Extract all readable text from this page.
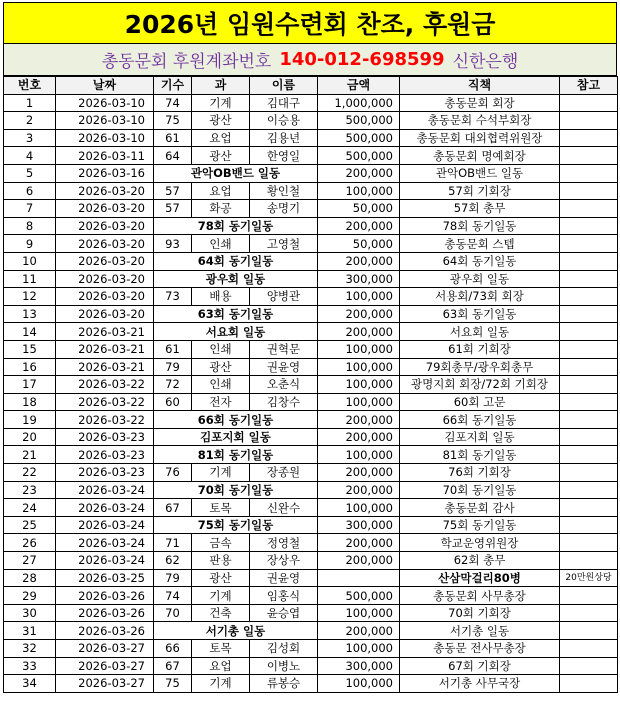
2026년 임원수련회 찬조, 후원금
총동문회 후원계좌번호 140-012-698599 신한은행
번호	날짜	기수	과	이름	금액	직책	참고
1	2026-03-10	74	기계	김대구	1,000,000	총동문회 회장	
2	2026-03-10	75	광산	이승용	500,000	총동문회 수석부회장	
3	2026-03-10	61	요업	김용년	500,000	총동문회 대외협력위원장	
4	2026-03-11	64	광산	한영일	500,000	총동문회 명예회장	
5	2026-03-16	관악OB밴드 일동			200,000	관악OB밴드 일동	
6	2026-03-20	57	요업	황인철	100,000	57회 기회장	
7	2026-03-20	57	화공	송명기	50,000	57회 총무	
8	2026-03-20	78회 동기일동			200,000	78회 동기일동	
9	2026-03-20	93	인쇄	고영철	50,000	총동문회 스텝	
10	2026-03-20	64회 동기일동			200,000	64회 동기일동	
11	2026-03-20	광우회 일동			300,000	광우회 일동	
12	2026-03-20	73	배용	양병관	100,000	서용회/73회 회장	
13	2026-03-20	63회 동기일동			200,000	63회 동기일동	
14	2026-03-21	서요회 일동			200,000	서요회 일동	
15	2026-03-21	61	인쇄	권혁문	100,000	61회 기회장	
16	2026-03-21	79	광산	권윤영	100,000	79회총무/광우회총무	
17	2026-03-22	72	인쇄	오춘식	100,000	광명지회 회장/72회 기회장	
18	2026-03-22	60	전자	김창수	100,000	60회 고문	
19	2026-03-22	66회 동기일동			200,000	66회 동기일동	
20	2026-03-23	김포지회 일동			200,000	김포지회 일동	
21	2026-03-23	81회 동기일동			100,000	81회 동기일동	
22	2026-03-23	76	기계	장종원	200,000	76회 기회장	
23	2026-03-24	70회 동기일동			200,000	70회 동기일동	
24	2026-03-24	67	토목	신완수	100,000	총동문회 감사	
25	2026-03-24	75회 동기일동			300,000	75회 동기일동	
26	2026-03-24	71	금속	정영철	200,000	학교운영위원장	
27	2026-03-24	62	판용	장상우	200,000	62회 총무	
28	2026-03-25	79	광산	권윤영		산삼막걸리80병	20만원상당
29	2026-03-26	74	기계	임홍식	500,000	총동문회 사무총장	
30	2026-03-26	70	건축	윤승엽	100,000	70회 기회장	
31	2026-03-26	서기총 일동			200,000	서기총 일동	
32	2026-03-27	66	토목	김성회	100,000	총동문 전사무총장	
33	2026-03-27	67	요업	이병노	300,000	67회 기회장	
34	2026-03-27	75	기계	류봉승	100,000	서기총 사무국장	
